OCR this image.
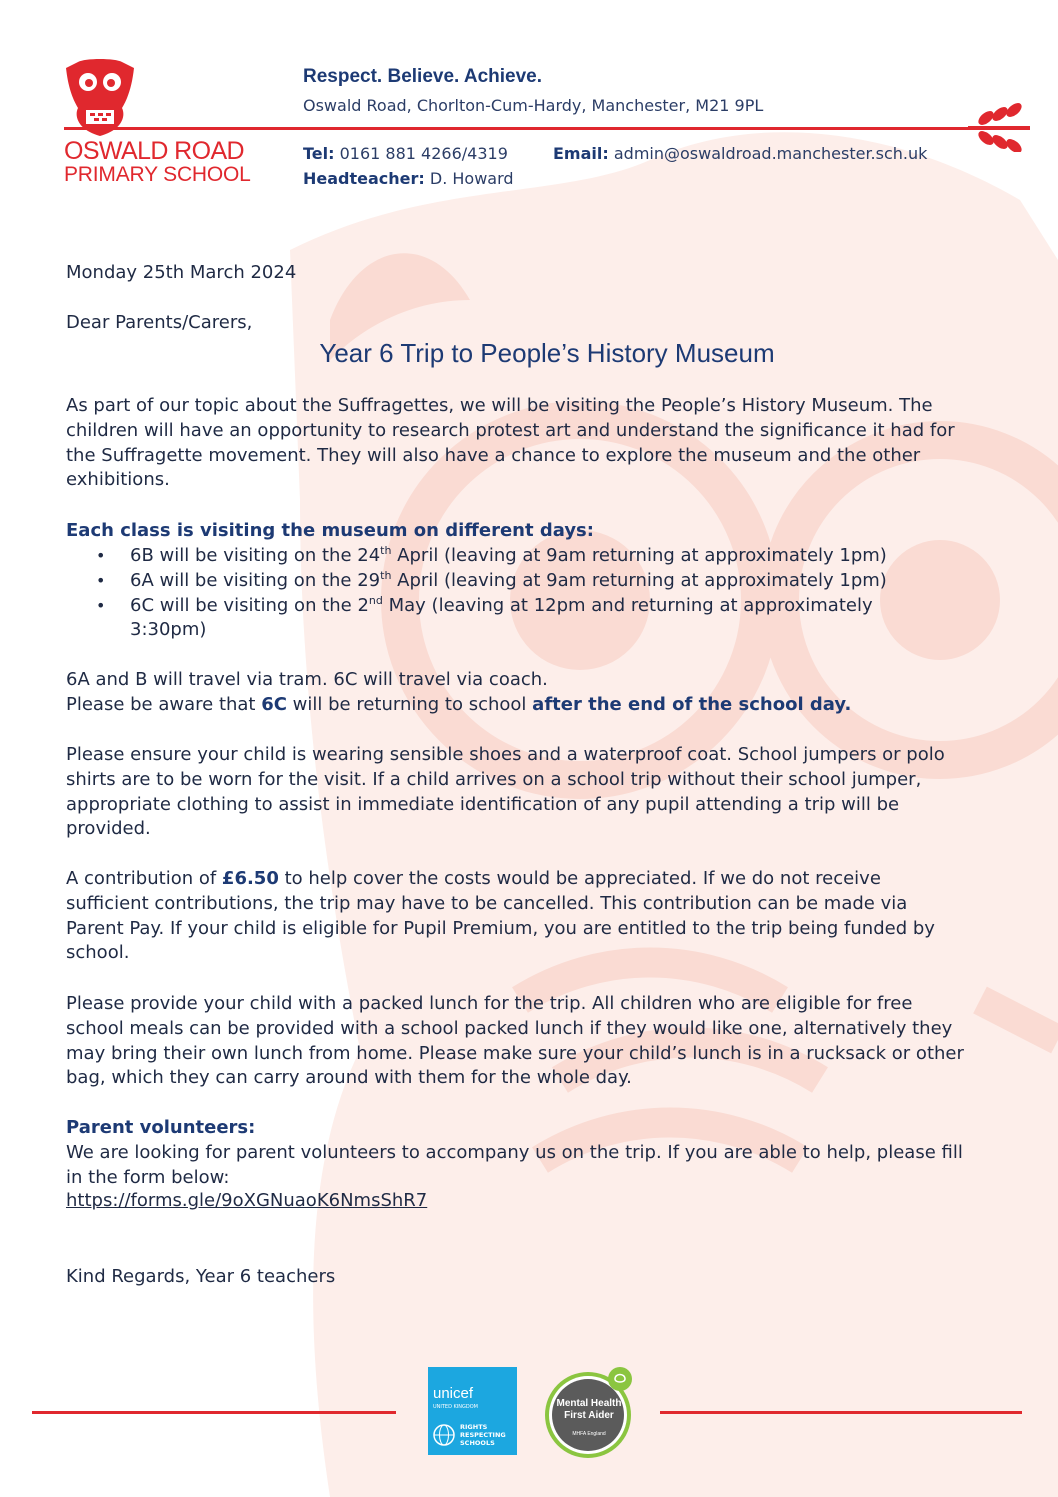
OSWALD ROAD
PRIMARY SCHOOL
Respect. Believe. Achieve.
Oswald Road, Chorlton-Cum-Hardy, Manchester, M21 9PL
Tel: 0161 881 4266/4319	Email: admin@oswaldroad.manchester.sch.uk
Headteacher: D. Howard
Monday 25th March 2024
Dear Parents/Carers,
Year 6 Trip to People’s History Museum
As part of our topic about the Suffragettes, we will be visiting the People’s History Museum. The children will have an opportunity to research protest art and understand the significance it had for the Suffragette movement. They will also have a chance to explore the museum and the other exhibitions.
Each class is visiting the museum on different days:
• 6B will be visiting on the 24th April (leaving at 9am returning at approximately 1pm)
• 6A will be visiting on the 29th April (leaving at 9am returning at approximately 1pm)
• 6C will be visiting on the 2nd May (leaving at 12pm and returning at approximately 3:30pm)
6A and B will travel via tram. 6C will travel via coach.
Please be aware that 6C will be returning to school after the end of the school day.
Please ensure your child is wearing sensible shoes and a waterproof coat. School jumpers or polo shirts are to be worn for the visit. If a child arrives on a school trip without their school jumper, appropriate clothing to assist in immediate identification of any pupil attending a trip will be provided.
A contribution of £6.50 to help cover the costs would be appreciated. If we do not receive sufficient contributions, the trip may have to be cancelled. This contribution can be made via Parent Pay. If your child is eligible for Pupil Premium, you are entitled to the trip being funded by school.
Please provide your child with a packed lunch for the trip. All children who are eligible for free school meals can be provided with a school packed lunch if they would like one, alternatively they may bring their own lunch from home. Please make sure your child’s lunch is in a rucksack or other bag, which they can carry around with them for the whole day.
Parent volunteers:
We are looking for parent volunteers to accompany us on the trip. If you are able to help, please fill in the form below:
https://forms.gle/9oXGNuaoK6NmsShR7
Kind Regards, Year 6 teachers
unicef
UNITED KINGDOM
RIGHTS RESPECTING SCHOOLS
Mental Health First Aider
MHFA England
